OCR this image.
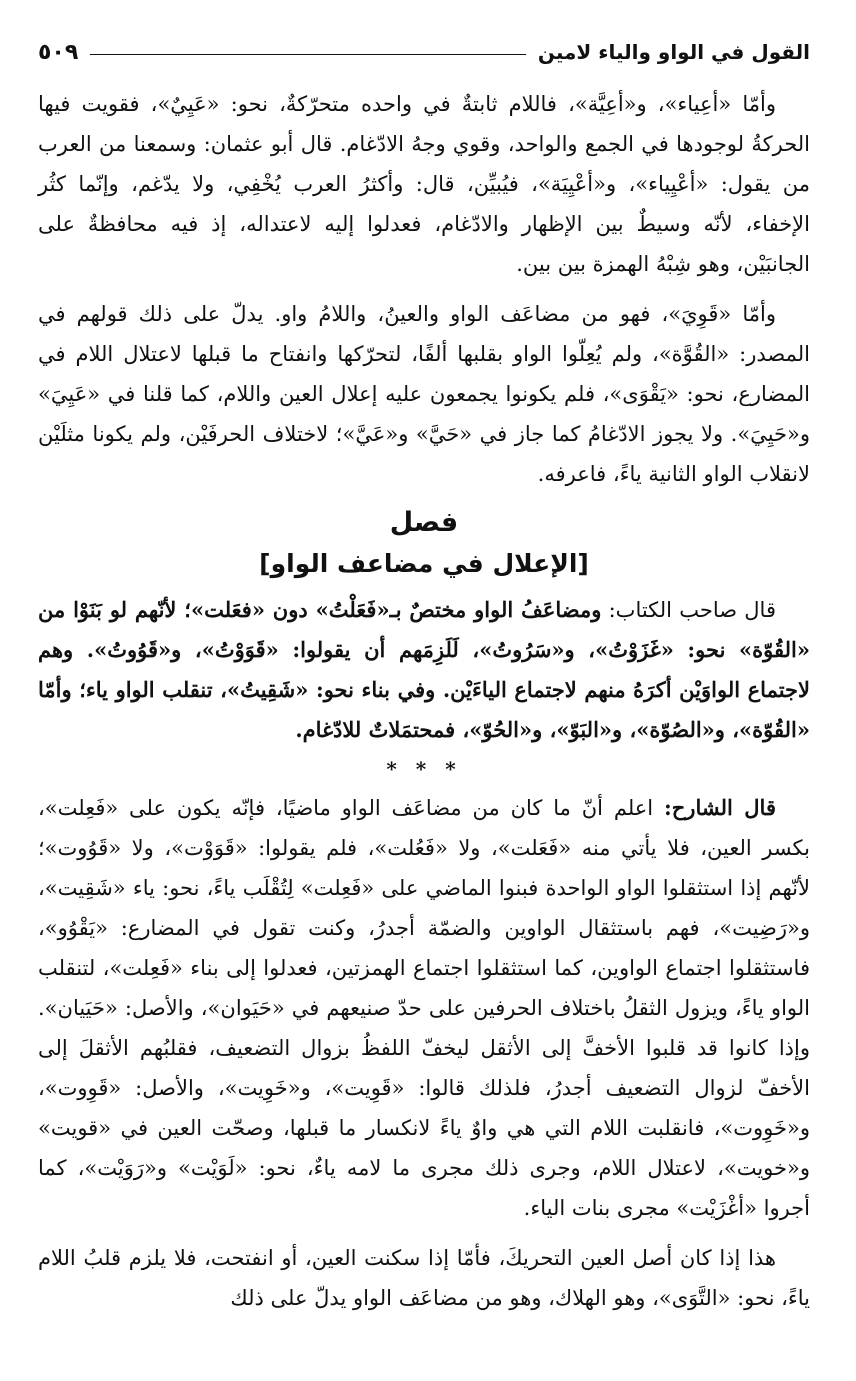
القول في الواو والياء لامين
٥٠٩

وأمّا «أعِياء»، و«أعِيَّة»، فاللام ثابتةٌ في واحده متحرّكةٌ، نحو: «عَيِيٌ»، فقويت فيها الحركةُ لوجودها في الجمع والواحد، وقوي وجهُ الادّغام. قال أبو عثمان: وسمعنا من العرب من يقول: «أعْيِياء»، و«أعْيِيَة»، فيُبيِّن، قال: وأكثرُ العرب يُخْفِي، ولا يدّغم، وإنّما كثُر الإخفاء، لأنّه وسيطٌ بين الإظهار والادّغام، فعدلوا إليه لاعتداله، إذ فيه محافظةٌ على الجانبَيْن، وهو شِبْهُ الهمزة بين بين.

وأمّا «قَوِيَ»، فهو من مضاعَف الواو والعينُ، واللامُ واو. يدلّ على ذلك قولهم في المصدر: «القُوَّة»، ولم يُعِلّوا الواو بقلبها ألفًا، لتحرّكها وانفتاح ما قبلها لاعتلال اللام في المضارع، نحو: «يَقْوَى»، فلم يكونوا يجمعون عليه إعلال العين واللام، كما قلنا في «عَيِيَ» و«حَيِيَ». ولا يجوز الادّغامُ كما جاز في «حَيَّ» و«عَيَّ»؛ لاختلاف الحرفَيْن، ولم يكونا مثلَيْن لانقلاب الواو الثانية ياءً، فاعرفه.

فصل
[الإعلال في مضاعف الواو]

قال صاحب الكتاب: ومضاعَفُ الواو مختصٌ بـ«فَعَلْتُ» دون «فعَلت»؛ لأنّهم لو بَنَوْا من «القُوّة» نحو: «غَزَوْتُ»، و«سَرُوتُ»، لَلَزِمَهم أن يقولوا: «قَوَوْتُ»، و«قَوُوتُ». وهم لاجتماع الواوَيْن أكرَهُ منهم لاجتماع الياءَيْن. وفي بناء نحو: «شَقِيتُ»، تنقلب الواو ياء؛ وأمّا «القُوّة»، و«الصُوّة»، و«البَوّ»، و«الحُوّ»، فمحتمَلاتٌ للادّغام.

* * *

قال الشارح: اعلم أنّ ما كان من مضاعَف الواو ماضيًا، فإنّه يكون على «فَعِلت»، بكسر العين، فلا يأتي منه «فَعَلت»، ولا «فَعُلت»، فلم يقولوا: «قَوَوْت»، ولا «قَوُوت»؛ لأنّهم إذا استثقلوا الواو الواحدة فبنوا الماضي على «فَعِلت» لِتُقْلَب ياءً، نحو: ياء «شَقِيت»، و«رَضِيت»، فهم باستثقال الواوين والضمّة أجدرُ، وكنت تقول في المضارع: «يَقْوُو»، فاستثقلوا اجتماع الواوين، كما استثقلوا اجتماع الهمزتين، فعدلوا إلى بناء «فَعِلت»، لتنقلب الواو ياءً، ويزول الثقلُ باختلاف الحرفين على حدّ صنيعهم في «حَيَوان»، والأصل: «حَيَيان». وإذا كانوا قد قلبوا الأخفَّ إلى الأثقل ليخفّ اللفظُ بزوال التضعيف، فقلبُهم الأثقلَ إلى الأخفّ لزوال التضعيف أجدرُ، فلذلك قالوا: «قَوِيت»، و«خَوِيت»، والأصل: «قَوِوت»، و«خَوِوت»، فانقلبت اللام التي هي واوٌ ياءً لانكسار ما قبلها، وصحّت العين في «قويت» و«خويت»، لاعتلال اللام، وجرى ذلك مجرى ما لامه ياءٌ، نحو: «لَوَيْت» و«رَوَيْت»، كما أجروا «أغْزَيْت» مجرى بنات الياء.

هذا إذا كان أصل العين التحريكَ، فأمّا إذا سكنت العين، أو انفتحت، فلا يلزم قلبُ اللام ياءً، نحو: «التَّوَى»، وهو الهلاك، وهو من مضاعَف الواو يدلّ على ذلك
